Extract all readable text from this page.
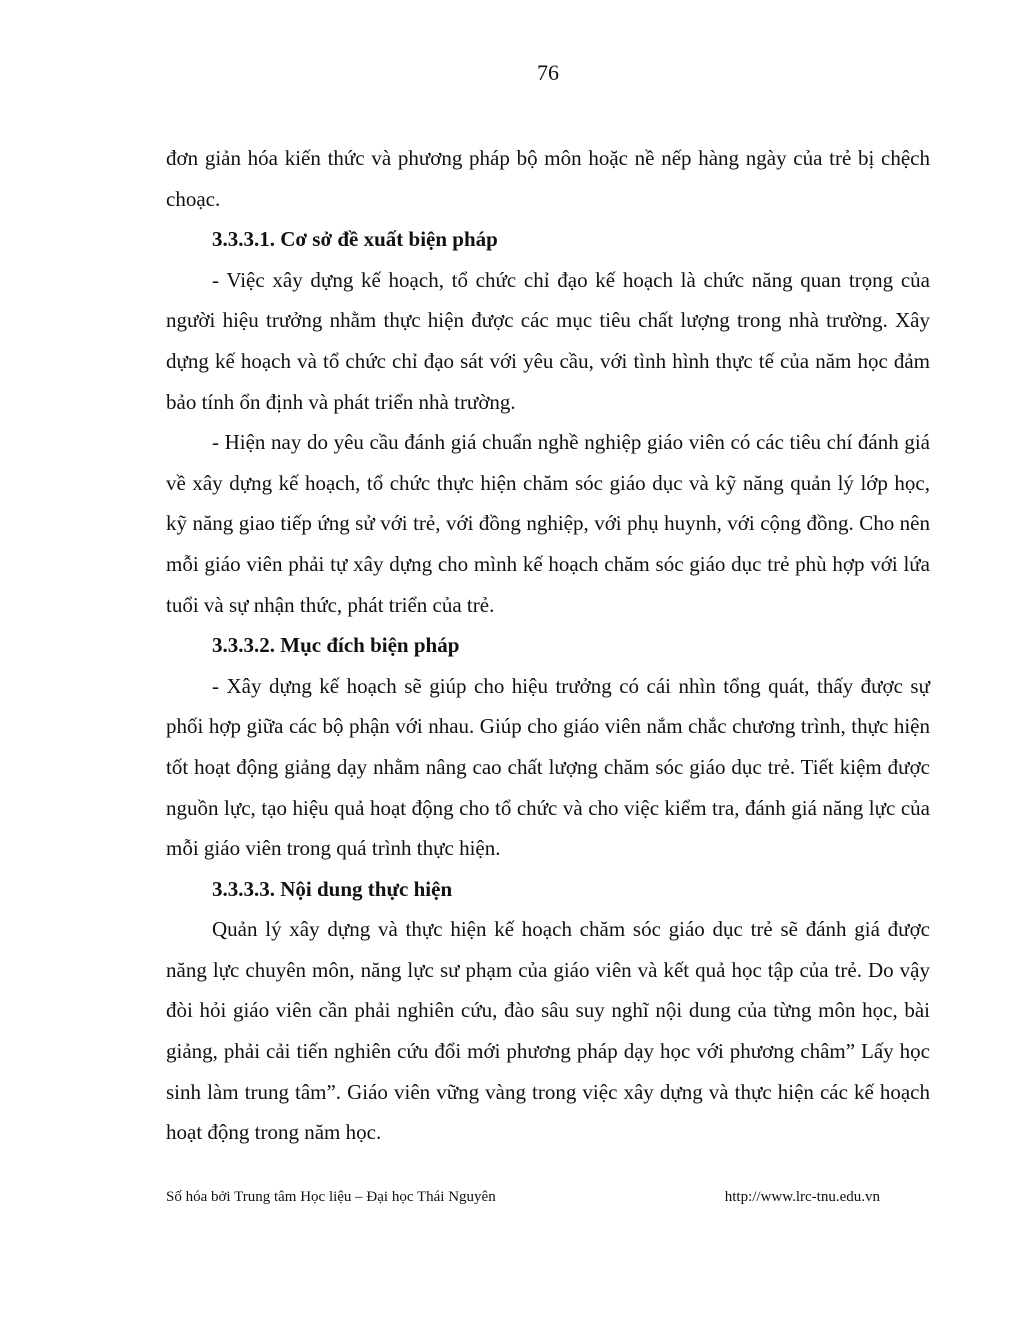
76

đơn giản hóa kiến thức và phương pháp bộ môn hoặc nề nếp hàng ngày của trẻ bị chệch choạc.

3.3.3.1. Cơ sở đề xuất biện pháp

- Việc xây dựng kế hoạch, tổ chức chỉ đạo kế hoạch là chức năng quan trọng của người hiệu trưởng nhằm thực hiện được các mục tiêu chất lượng trong nhà trường. Xây dựng kế hoạch và tổ chức chỉ đạo sát với yêu cầu, với tình hình thực tế của năm học đảm bảo tính ổn định và phát triển nhà trường.

- Hiện nay do yêu cầu đánh giá chuẩn nghề nghiệp giáo viên có các tiêu chí đánh giá về xây dựng kế hoạch, tổ chức thực hiện chăm sóc giáo dục và kỹ năng quản lý lớp học, kỹ năng giao tiếp ứng sử với trẻ, với đồng nghiệp, với phụ huynh, với cộng đồng. Cho nên mỗi giáo viên phải tự xây dựng cho mình kế hoạch chăm sóc giáo dục trẻ phù hợp với lứa tuổi và sự nhận thức, phát triển của trẻ.

3.3.3.2. Mục đích biện pháp

- Xây dựng kế hoạch sẽ giúp cho hiệu trưởng có cái nhìn tổng quát, thấy được sự phối hợp giữa các bộ phận với nhau. Giúp cho giáo viên nắm chắc chương trình, thực hiện tốt hoạt động giảng dạy nhằm nâng cao chất lượng chăm sóc giáo dục trẻ. Tiết kiệm được nguồn lực, tạo hiệu quả hoạt động cho tổ chức và cho việc kiểm tra, đánh giá năng lực của mỗi giáo viên trong quá trình thực hiện.

3.3.3.3. Nội dung thực hiện

Quản lý xây dựng và thực hiện kế hoạch chăm sóc giáo dục trẻ sẽ đánh giá được năng lực chuyên môn, năng lực sư phạm của giáo viên và kết quả học tập của trẻ. Do vậy đòi hỏi giáo viên cần phải nghiên cứu, đào sâu suy nghĩ nội dung của từng môn học, bài giảng, phải cải tiến nghiên cứu đổi mới phương pháp dạy học với phương châm” Lấy học sinh làm trung tâm”. Giáo viên vững vàng trong việc xây dựng và thực hiện các kế hoạch hoạt động trong năm học.

Số hóa bởi Trung tâm Học liệu – Đại học Thái Nguyên	http://www.lrc-tnu.edu.vn
